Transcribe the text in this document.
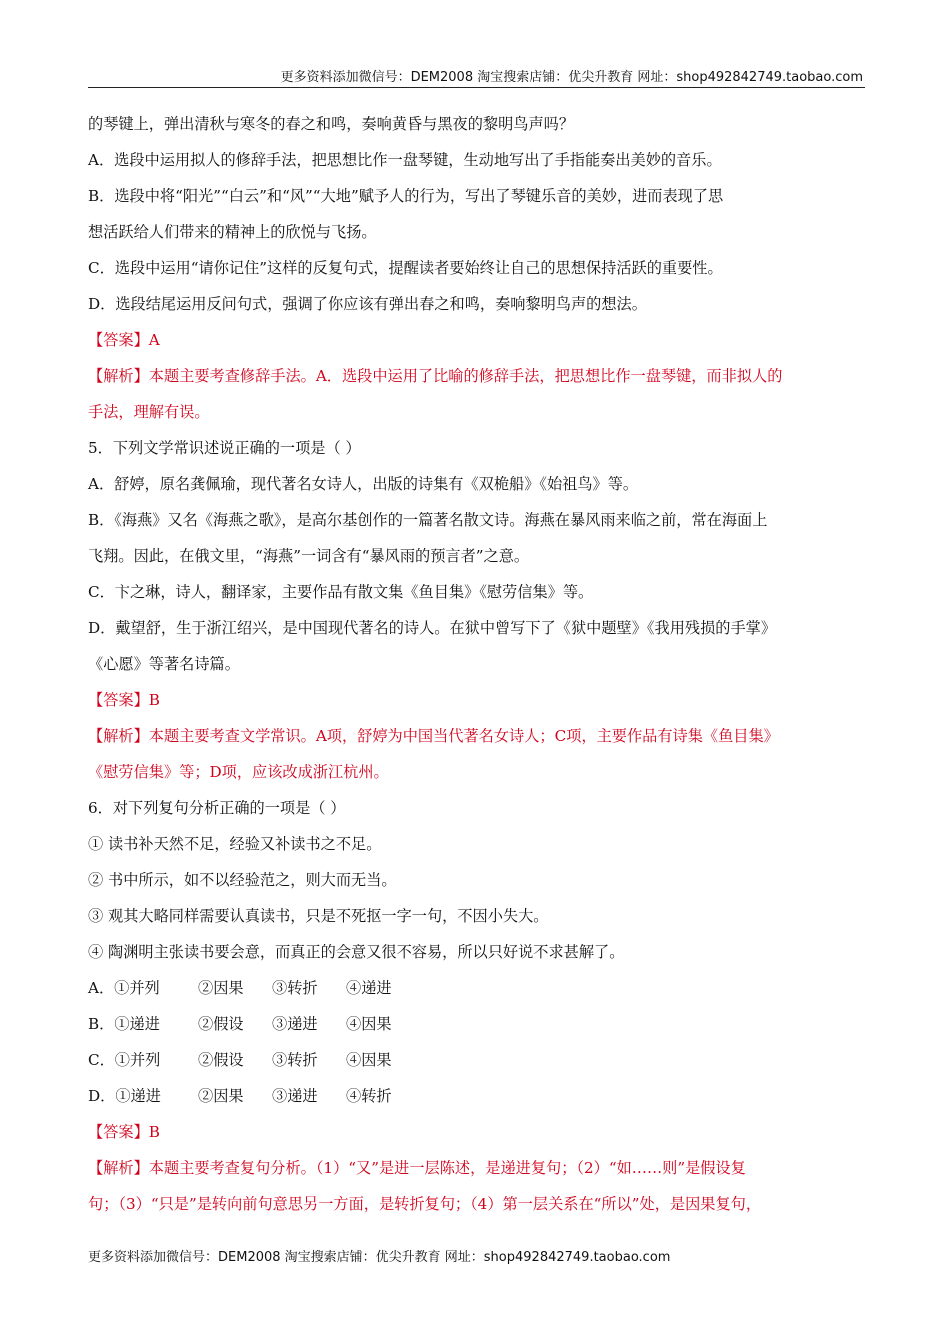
更多资料添加微信号：DEM2008 淘宝搜索店铺：优尖升教育 网址：shop492842749.taobao.com
的琴键上，弹出清秋与寒冬的春之和鸣，奏响黄昏与黑夜的黎明鸟声吗？
A．选段中运用拟人的修辞手法，把思想比作一盘琴键，生动地写出了手指能奏出美妙的音乐。
B．选段中将“阳光”“白云”和“风”“大地”赋予人的行为，写出了琴键乐音的美妙，进而表现了思
想活跃给人们带来的精神上的欣悦与飞扬。
C．选段中运用“请你记住”这样的反复句式，提醒读者要始终让自己的思想保持活跃的重要性。
D．选段结尾运用反问句式，强调了你应该有弹出春之和鸣，奏响黎明鸟声的想法。
【答案】A
【解析】本题主要考查修辞手法。A．选段中运用了比喻的修辞手法，把思想比作一盘琴键，而非拟人的
手法，理解有误。
5．下列文学常识述说正确的一项是（ ）
A．舒婷，原名龚佩瑜，现代著名女诗人，出版的诗集有《双桅船》《始祖鸟》等。
B．《海燕》又名《海燕之歌》，是高尔基创作的一篇著名散文诗。海燕在暴风雨来临之前，常在海面上
飞翔。因此，在俄文里，“海燕”一词含有“暴风雨的预言者”之意。
C．卞之琳，诗人，翻译家，主要作品有散文集《鱼目集》《慰劳信集》等。
D．戴望舒，生于浙江绍兴，是中国现代著名的诗人。在狱中曾写下了《狱中题壁》《我用残损的手掌》
《心愿》等著名诗篇。
【答案】B
【解析】本题主要考查文学常识。A项，舒婷为中国当代著名女诗人；C项，主要作品有诗集《鱼目集》
《慰劳信集》等；D项，应该改成浙江杭州。
6．对下列复句分析正确的一项是（ ）
① 读书补天然不足，经验又补读书之不足。
② 书中所示，如不以经验范之，则大而无当。
③ 观其大略同样需要认真读书，只是不死抠一字一句，不因小失大。
④ 陶渊明主张读书要会意，而真正的会意又很不容易，所以只好说不求甚解了。
A．①并列	②因果 ③转折 ④递进
B．①递进	②假设 ③递进 ④因果
C．①并列 ②假设 ③转折 ④因果
D．①递进 ②因果 ③递进 ④转折
【答案】B
【解析】本题主要考查复句分析。（1）“又”是进一层陈述，是递进复句；（2）“如……则”是假设复
句；（3）“只是”是转向前句意思另一方面，是转折复句；（4）第一层关系在“所以”处，是因果复句，
更多资料添加微信号：DEM2008 淘宝搜索店铺：优尖升教育 网址：shop492842749.taobao.com
